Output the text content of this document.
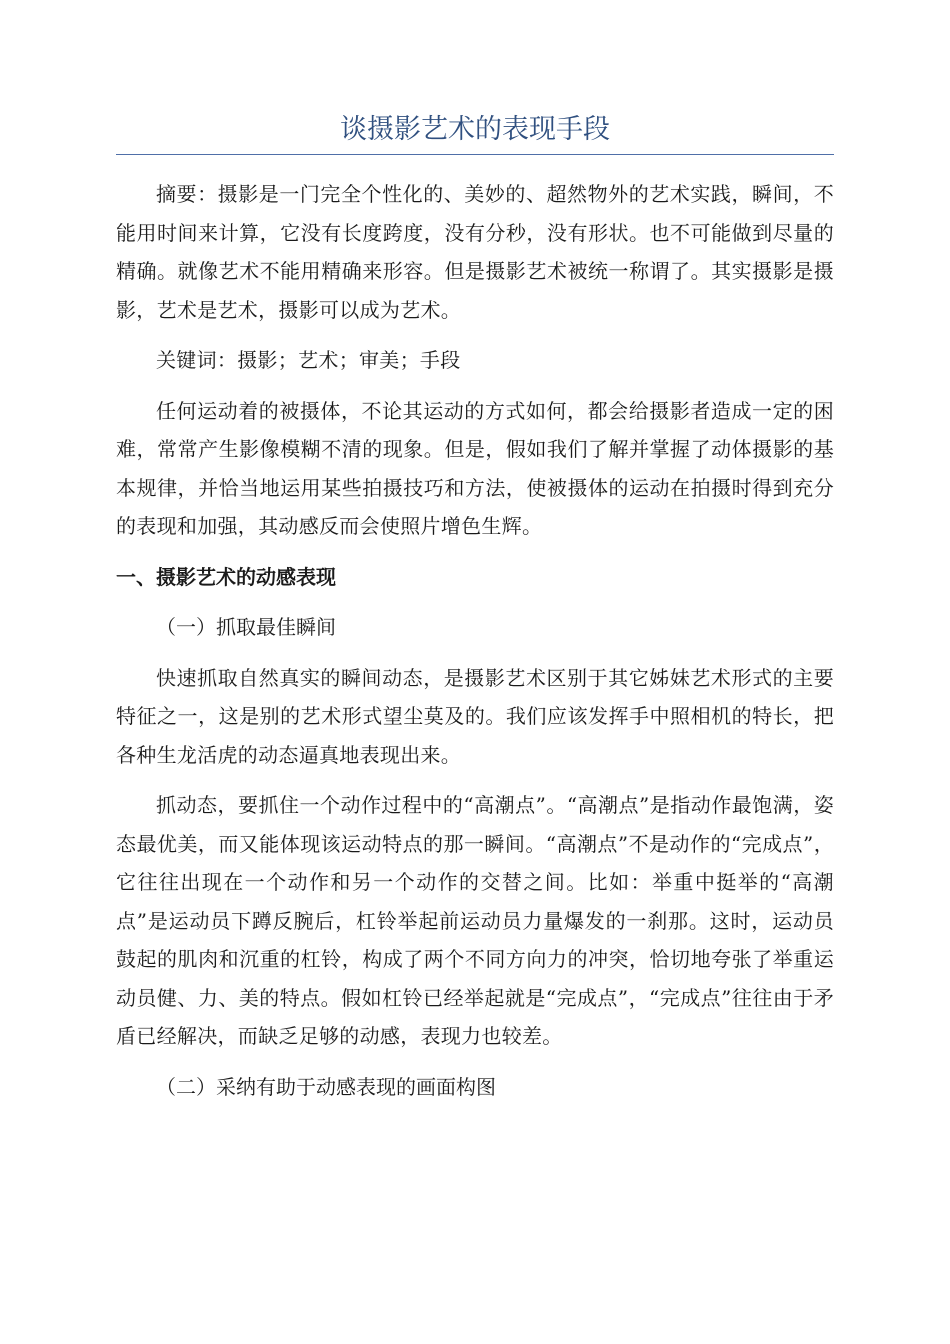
谈摄影艺术的表现手段

摘要：摄影是一门完全个性化的、美妙的、超然物外的艺术实践，瞬间，不能用时间来计算，它没有长度跨度，没有分秒，没有形状。也不可能做到尽量的精确。就像艺术不能用精确来形容。但是摄影艺术被统一称谓了。其实摄影是摄影，艺术是艺术，摄影可以成为艺术。

关键词：摄影；艺术；审美；手段

任何运动着的被摄体，不论其运动的方式如何，都会给摄影者造成一定的困难，常常产生影像模糊不清的现象。但是，假如我们了解并掌握了动体摄影的基本规律，并恰当地运用某些拍摄技巧和方法，使被摄体的运动在拍摄时得到充分的表现和加强，其动感反而会使照片增色生辉。

一、摄影艺术的动感表现
（一）抓取最佳瞬间

快速抓取自然真实的瞬间动态，是摄影艺术区别于其它姊妹艺术形式的主要特征之一，这是别的艺术形式望尘莫及的。我们应该发挥手中照相机的特长，把各种生龙活虎的动态逼真地表现出来。

抓动态，要抓住一个动作过程中的“高潮点”。“高潮点”是指动作最饱满，姿态最优美，而又能体现该运动特点的那一瞬间。“高潮点”不是动作的“完成点”，它往往出现在一个动作和另一个动作的交替之间。比如：举重中挺举的“高潮点”是运动员下蹲反腕后，杠铃举起前运动员力量爆发的一刹那。这时，运动员鼓起的肌肉和沉重的杠铃，构成了两个不同方向力的冲突，恰切地夸张了举重运动员健、力、美的特点。假如杠铃已经举起就是“完成点”，“完成点”往往由于矛盾已经解决，而缺乏足够的动感，表现力也较差。

（二）采纳有助于动感表现的画面构图
